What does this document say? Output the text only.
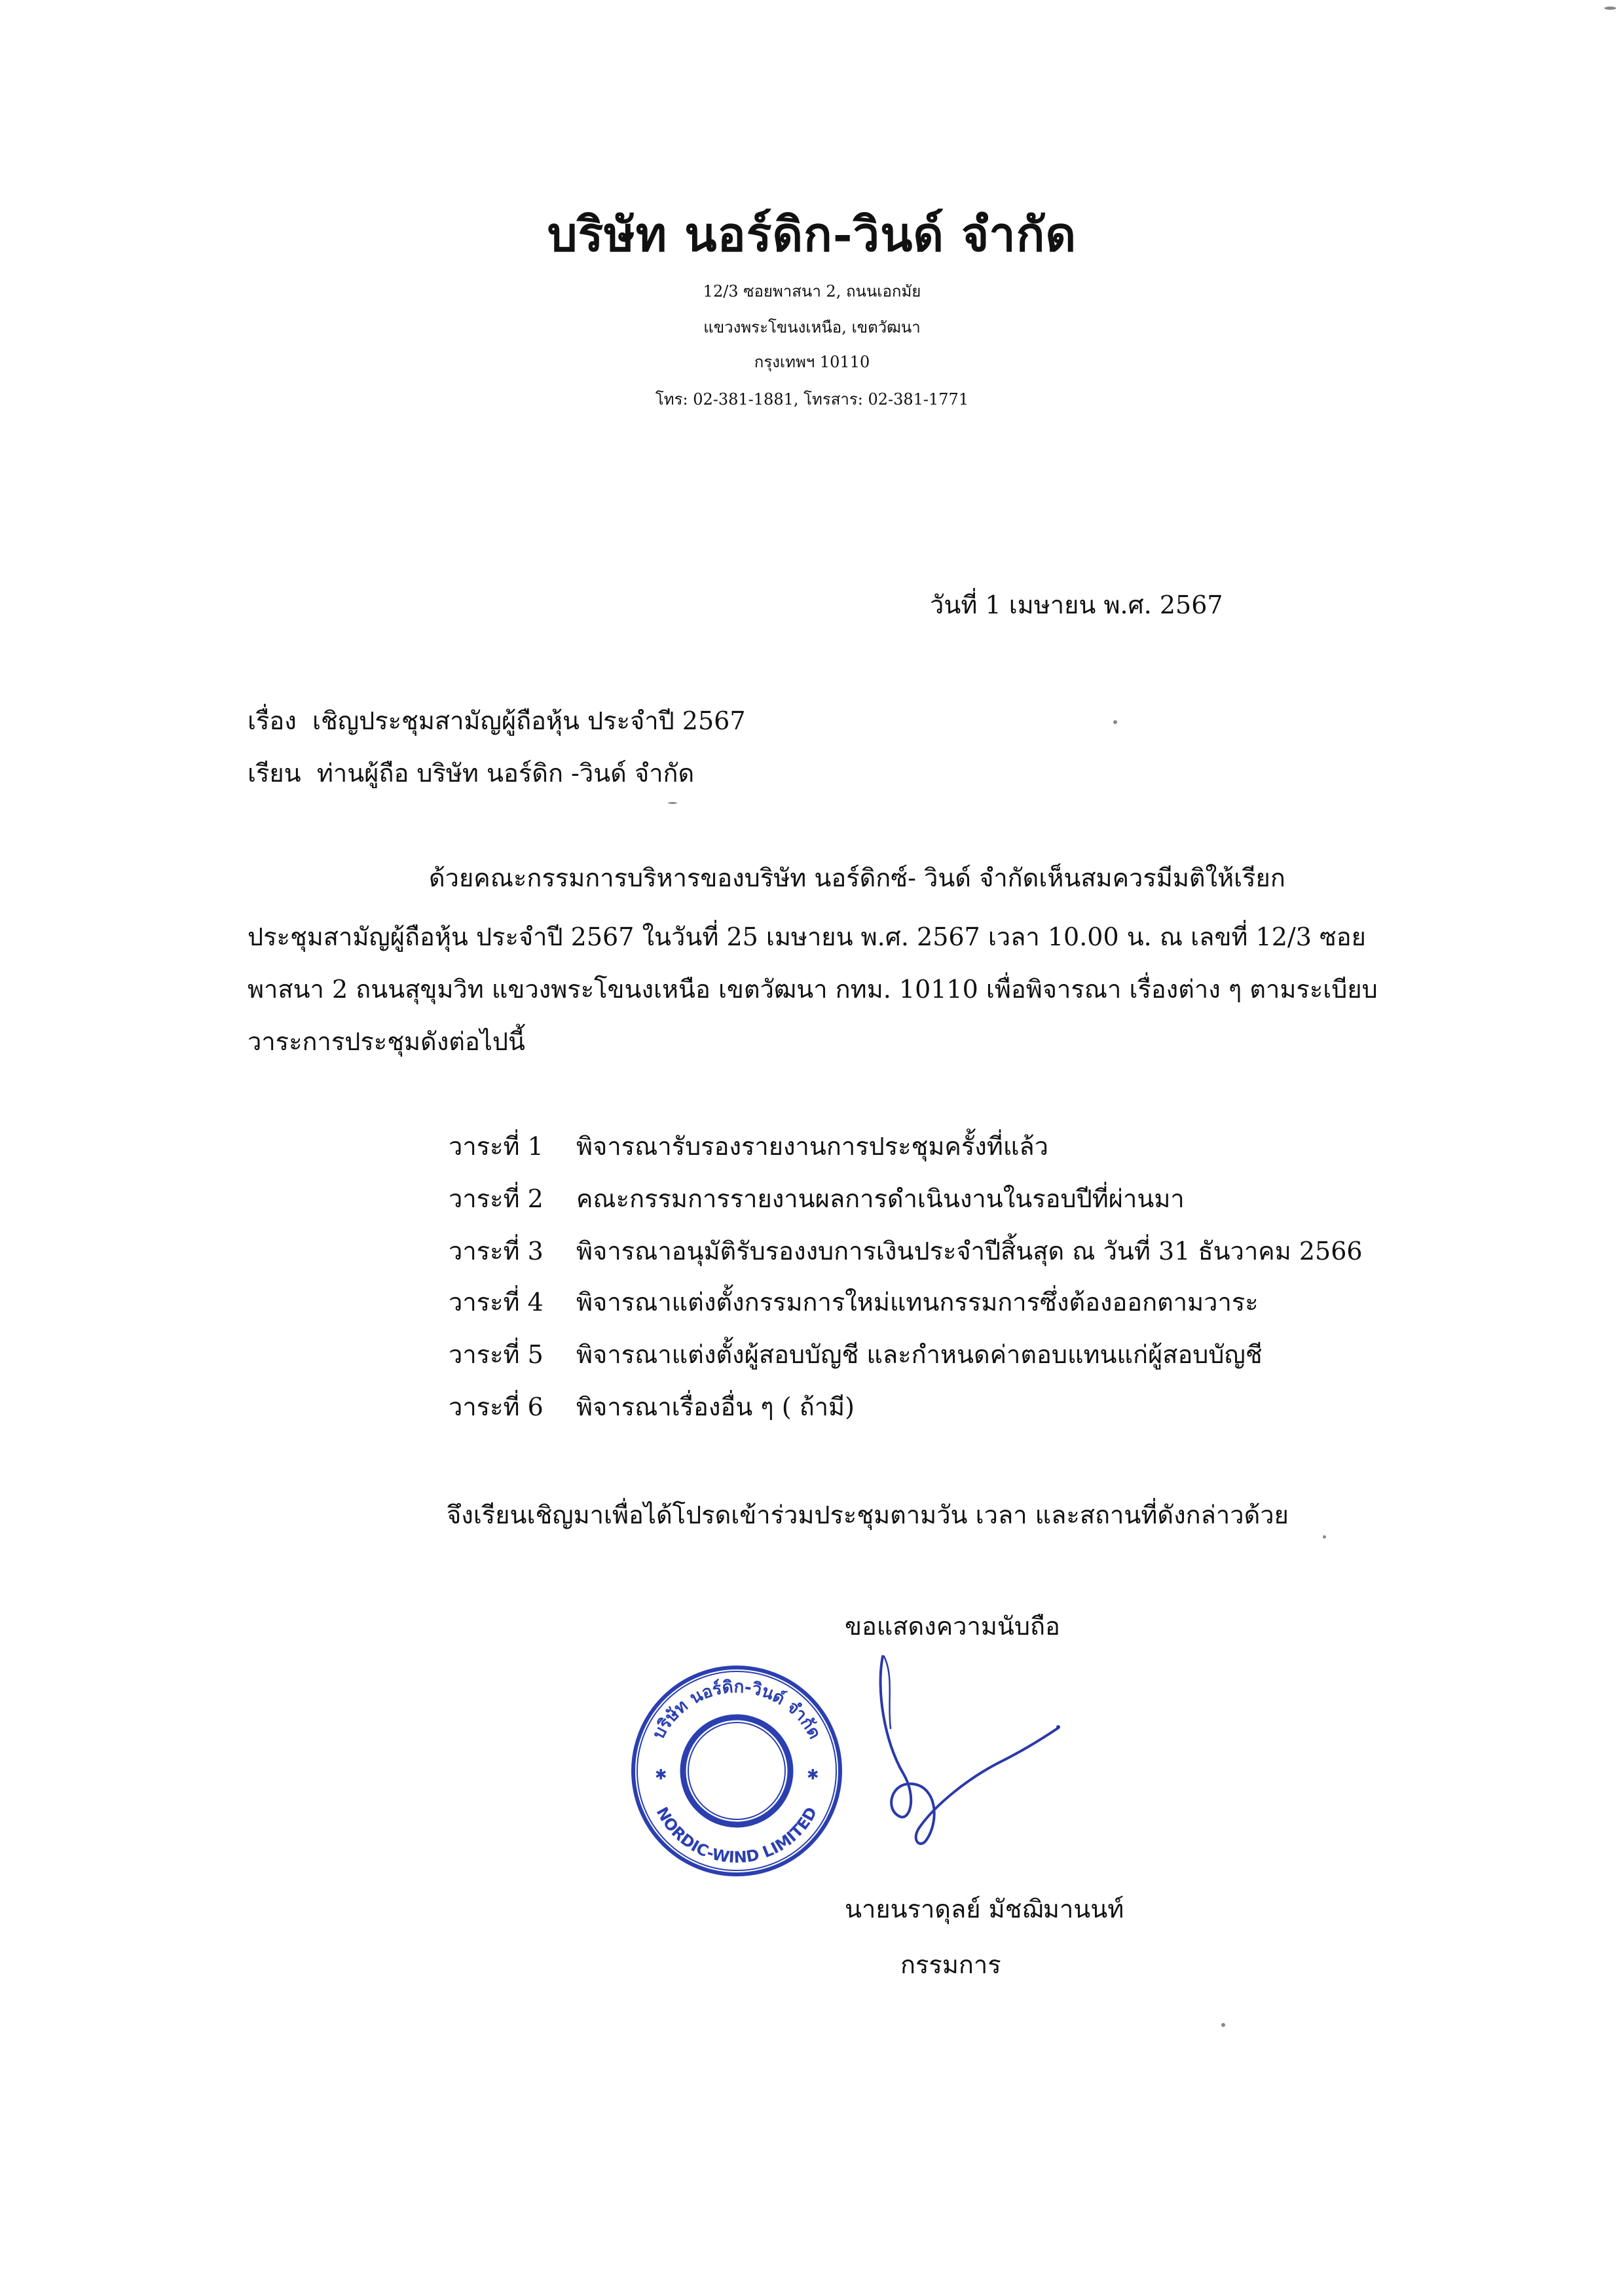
บริษัท นอร์ดิก-วินด์ จำกัด
12/3 ซอยพาสนา 2, ถนนเอกมัย
แขวงพระโขนงเหนือ, เขตวัฒนา
กรุงเทพฯ 10110
โทร: 02-381-1881, โทรสาร: 02-381-1771
วันที่ 1 เมษายน พ.ศ. 2567
เรื่อง เชิญประชุมสามัญผู้ถือหุ้น ประจำปี 2567
เรียน ท่านผู้ถือ บริษัท นอร์ดิก -วินด์ จำกัด
ด้วยคณะกรรมการบริหารของบริษัท นอร์ดิกซ์- วินด์ จำกัดเห็นสมควรมีมติให้เรียก
ประชุมสามัญผู้ถือหุ้น ประจำปี 2567 ในวันที่ 25 เมษายน พ.ศ. 2567 เวลา 10.00 น. ณ เลขที่ 12/3 ซอย
พาสนา 2 ถนนสุขุมวิท แขวงพระโขนงเหนือ เขตวัฒนา กทม. 10110 เพื่อพิจารณา เรื่องต่าง ๆ ตามระเบียบ
วาระการประชุมดังต่อไปนี้
วาระที่ 1 พิจารณารับรองรายงานการประชุมครั้งที่แล้ว
วาระที่ 2 คณะกรรมการรายงานผลการดำเนินงานในรอบปีที่ผ่านมา
วาระที่ 3 พิจารณาอนุมัติรับรองงบการเงินประจำปีสิ้นสุด ณ วันที่ 31 ธันวาคม 2566
วาระที่ 4 พิจารณาแต่งตั้งกรรมการใหม่แทนกรรมการซึ่งต้องออกตามวาระ
วาระที่ 5 พิจารณาแต่งตั้งผู้สอบบัญชี และกำหนดค่าตอบแทนแก่ผู้สอบบัญชี
วาระที่ 6 พิจารณาเรื่องอื่น ๆ ( ถ้ามี)
จึงเรียนเชิญมาเพื่อได้โปรดเข้าร่วมประชุมตามวัน เวลา และสถานที่ดังกล่าวด้วย
ขอแสดงความนับถือ
บริษัท นอร์ดิก-วินด์ จำกัด
NORDIC-WIND LIMITED
✱	✱
นายนราดุลย์ มัชฌิมานนท์
กรรมการ
